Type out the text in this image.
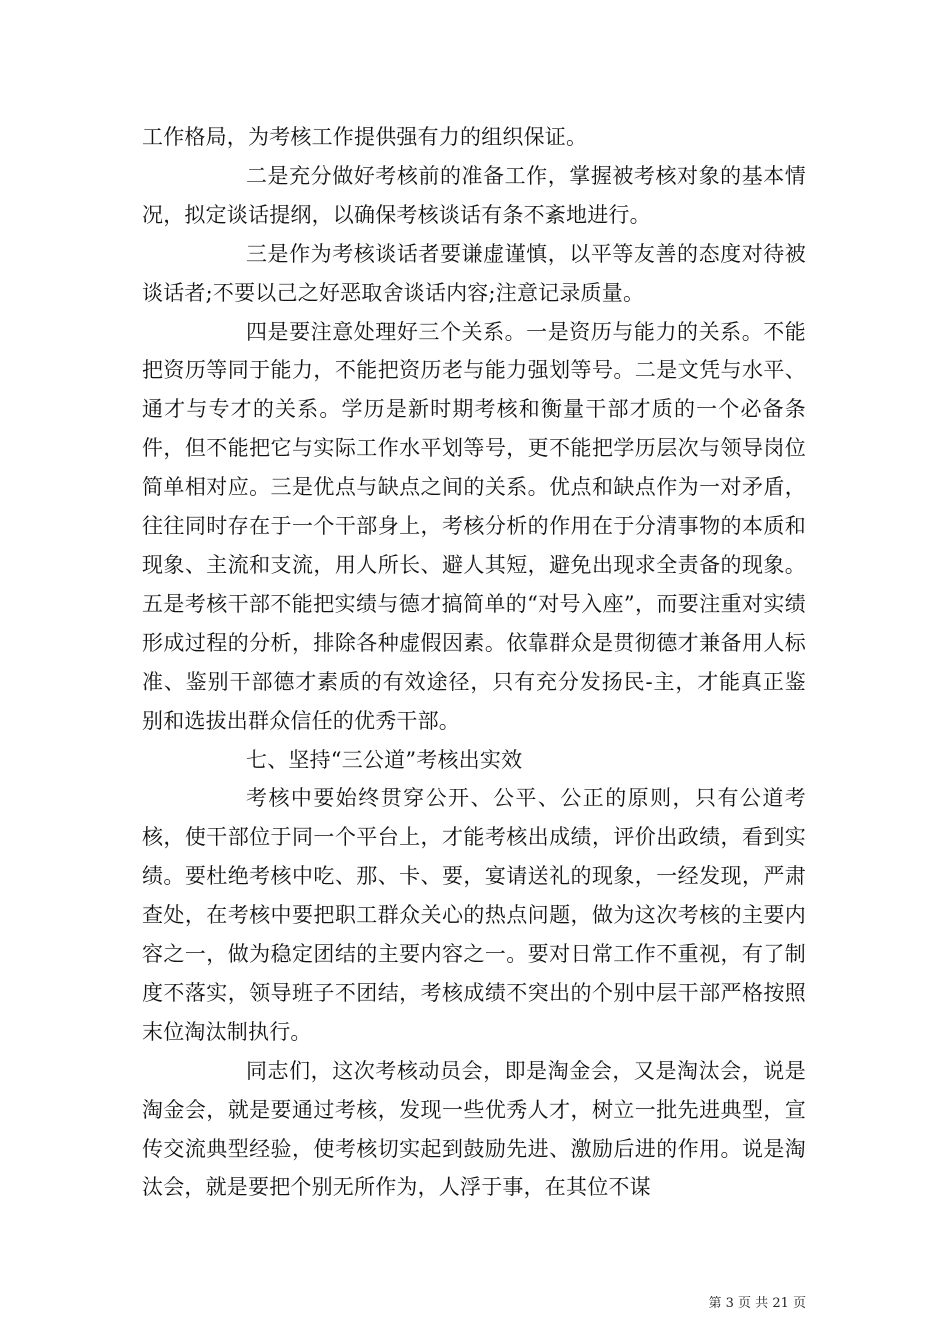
工作格局，为考核工作提供强有力的组织保证。

二是充分做好考核前的准备工作，掌握被考核对象的基本情况，拟定谈话提纲，以确保考核谈话有条不紊地进行。

三是作为考核谈话者要谦虚谨慎，以平等友善的态度对待被谈话者;不要以己之好恶取舍谈话内容;注意记录质量。

四是要注意处理好三个关系。一是资历与能力的关系。不能把资历等同于能力，不能把资历老与能力强划等号。二是文凭与水平、通才与专才的关系。学历是新时期考核和衡量干部才质的一个必备条件，但不能把它与实际工作水平划等号，更不能把学历层次与领导岗位简单相对应。三是优点与缺点之间的关系。优点和缺点作为一对矛盾，往往同时存在于一个干部身上，考核分析的作用在于分清事物的本质和现象、主流和支流，用人所长、避人其短，避免出现求全责备的现象。五是考核干部不能把实绩与德才搞简单的“对号入座”，而要注重对实绩形成过程的分析，排除各种虚假因素。依靠群众是贯彻德才兼备用人标准、鉴别干部德才素质的有效途径，只有充分发扬民-主，才能真正鉴别和选拔出群众信任的优秀干部。

七、坚持“三公道”考核出实效

考核中要始终贯穿公开、公平、公正的原则，只有公道考核，使干部位于同一个平台上，才能考核出成绩，评价出政绩，看到实绩。要杜绝考核中吃、那、卡、要，宴请送礼的现象，一经发现，严肃查处，在考核中要把职工群众关心的热点问题，做为这次考核的主要内容之一，做为稳定团结的主要内容之一。要对日常工作不重视，有了制度不落实，领导班子不团结，考核成绩不突出的个别中层干部严格按照末位淘汰制执行。

同志们，这次考核动员会，即是淘金会，又是淘汰会，说是淘金会，就是要通过考核，发现一些优秀人才，树立一批先进典型，宣传交流典型经验，使考核切实起到鼓励先进、激励后进的作用。说是淘汰会，就是要把个别无所作为，人浮于事，在其位不谋

第 3 页 共 21 页
